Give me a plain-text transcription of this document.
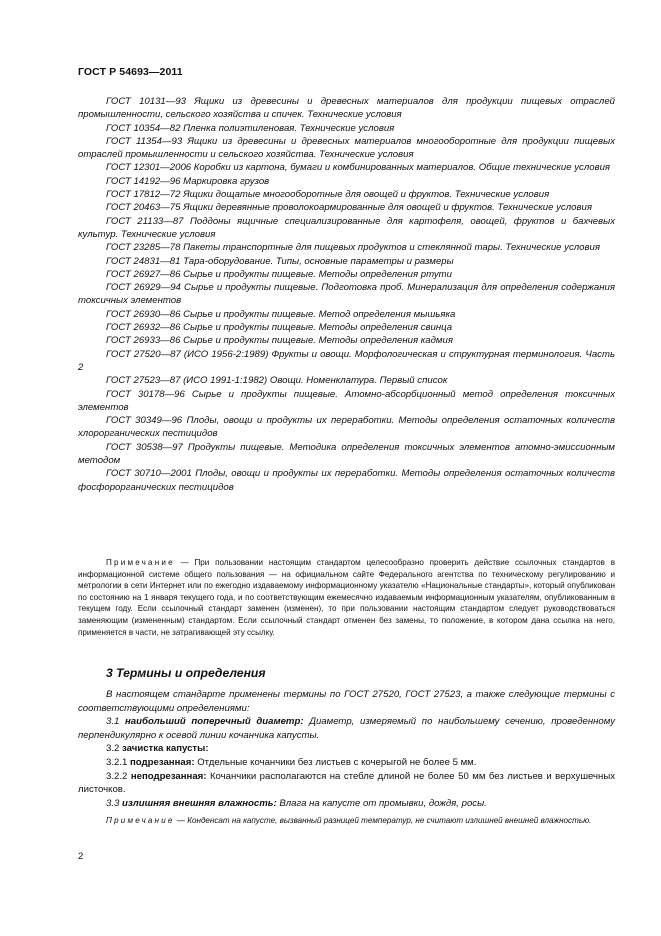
ГОСТ Р 54693—2011

ГОСТ 10131—93 Ящики из древесины и древесных материалов для продукции пищевых отраслей промышленности, сельского хозяйства и спичек. Технические условия

ГОСТ 10354—82 Пленка полиэтиленовая. Технические условия

ГОСТ 11354—93 Ящики из древесины и древесных материалов многооборотные для продукции пищевых отраслей промышленности и сельского хозяйства. Технические условия

ГОСТ 12301—2006 Коробки из картона, бумаги и комбинированных материалов. Общие технические условия

ГОСТ 14192—96 Маркировка грузов

ГОСТ 17812—72 Ящики дощатые многооборотные для овощей и фруктов. Технические условия

ГОСТ 20463—75 Ящики деревянные проволокоармированные для овощей и фруктов. Технические условия

ГОСТ 21133—87 Поддоны ящичные специализированные для картофеля, овощей, фруктов и бахчевых культур. Технические условия

ГОСТ 23285—78 Пакеты транспортные для пищевых продуктов и стеклянной тары. Технические условия

ГОСТ 24831—81 Тара-оборудование. Типы, основные параметры и размеры

ГОСТ 26927—86 Сырье и продукты пищевые. Методы определения ртути

ГОСТ 26929—94 Сырье и продукты пищевые. Подготовка проб. Минерализация для определения содержания токсичных элементов

ГОСТ 26930—86 Сырье и продукты пищевые. Метод определения мышьяка

ГОСТ 26932—86 Сырье и продукты пищевые. Методы определения свинца

ГОСТ 26933—86 Сырье и продукты пищевые. Методы определения кадмия

ГОСТ 27520—87 (ИСО 1956-2:1989) Фрукты и овощи. Морфологическая и структурная терминология. Часть 2

ГОСТ 27523—87 (ИСО 1991-1:1982) Овощи. Номенклатура. Первый список

ГОСТ 30178—96 Сырье и продукты пищевые. Атомно-абсорбционный метод определения токсичных элементов

ГОСТ 30349—96 Плоды, овощи и продукты их переработки. Методы определения остаточных количеств хлорорганических пестицидов

ГОСТ 30538—97 Продукты пищевые. Методика определения токсичных элементов атомно-эмиссионным методом

ГОСТ 30710—2001 Плоды, овощи и продукты их переработки. Методы определения остаточных количеств фосфорорганических пестицидов

Примечание — При пользовании настоящим стандартом целесообразно проверить действие ссылочных стандартов в информационной системе общего пользования — на официальном сайте Федерального агентства по техническому регулированию и метрологии в сети Интернет или по ежегодно издаваемому информационному указателю «Национальные стандарты», который опубликован по состоянию на 1 января текущего года, и по соответствующим ежемесячно издаваемым информационным указателям, опубликованным в текущем году. Если ссылочный стандарт заменен (изменен), то при пользовании настоящим стандартом следует руководствоваться заменяющим (измененным) стандартом. Если ссылочный стандарт отменен без замены, то положение, в котором дана ссылка на него, применяется в части, не затрагивающей эту ссылку.

3 Термины и определения

В настоящем стандарте применены термины по ГОСТ 27520, ГОСТ 27523, а также следующие термины с соответствующими определениями:

3.1 наибольший поперечный диаметр: Диаметр, измеряемый по наибольшему сечению, проведенному перпендикулярно к осевой линии кочанчика капусты.

3.2 зачистка капусты:

3.2.1 подрезанная: Отдельные кочанчики без листьев с кочерыгой не более 5 мм.

3.2.2 неподрезанная: Кочанчики располагаются на стебле длиной не более 50 мм без листьев и верхушечных листочков.

3.3 излишняя внешняя влажность: Влага на капусте от промывки, дождя, росы.

Примечание — Конденсат на капусте, вызванный разницей температур, не считают излишней внешней влажностью.

2
